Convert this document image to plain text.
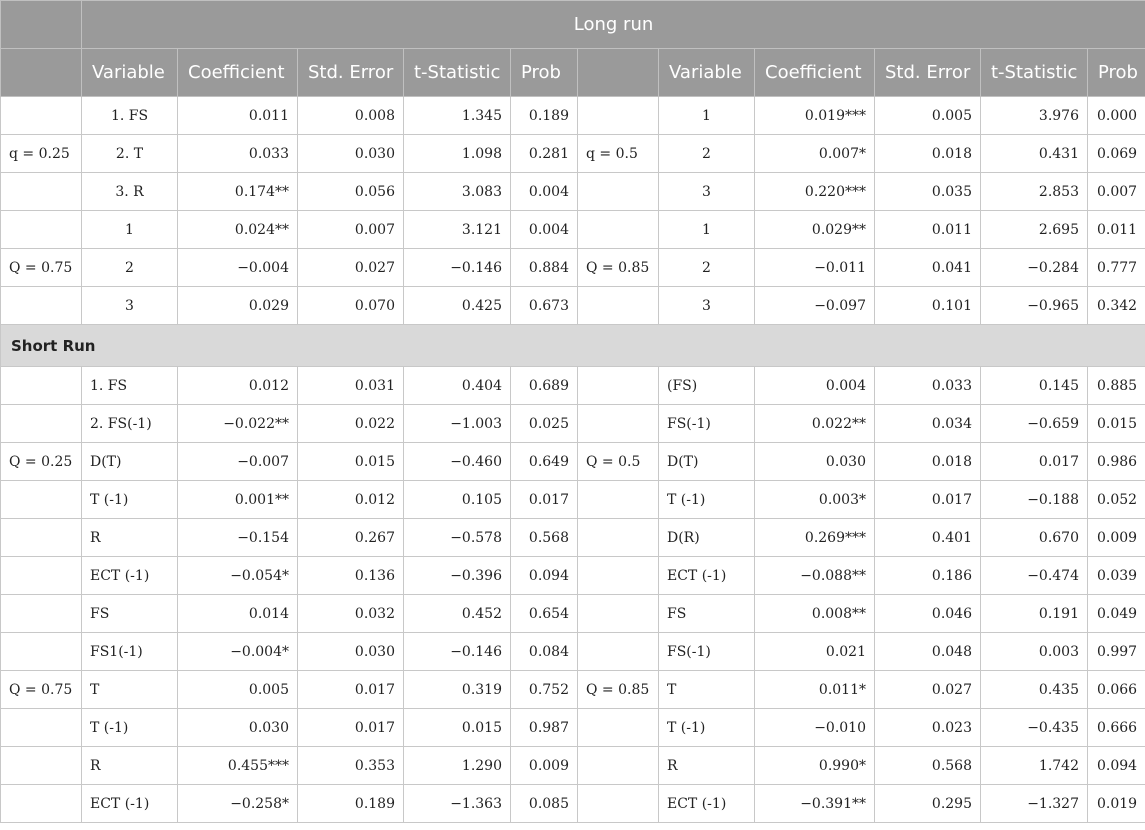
	Long run										
	Variable	Coefficient	Std. Error	t-Statistic	Prob		Variable	Coefficient	Std. Error	t-Statistic	Prob
	1. FS	0.011	0.008	1.345	0.189		1	0.019***	0.005	3.976	0.000
q = 0.25	2. T	0.033	0.030	1.098	0.281	q = 0.5	2	0.007*	0.018	0.431	0.069
	3. R	0.174**	0.056	3.083	0.004		3	0.220***	0.035	2.853	0.007
	1	0.024**	0.007	3.121	0.004		1	0.029**	0.011	2.695	0.011
Q = 0.75	2	−0.004	0.027	−0.146	0.884	Q = 0.85	2	−0.011	0.041	−0.284	0.777
	3	0.029	0.070	0.425	0.673		3	−0.097	0.101	−0.965	0.342
Short Run											
	1. FS	0.012	0.031	0.404	0.689		(FS)	0.004	0.033	0.145	0.885
	2. FS(-1)	−0.022**	0.022	−1.003	0.025		FS(-1)	0.022**	0.034	−0.659	0.015
Q = 0.25	D(T)	−0.007	0.015	−0.460	0.649	Q = 0.5	D(T)	0.030	0.018	0.017	0.986
	T (-1)	0.001**	0.012	0.105	0.017		T (-1)	0.003*	0.017	−0.188	0.052
	R	−0.154	0.267	−0.578	0.568		D(R)	0.269***	0.401	0.670	0.009
	ECT (-1)	−0.054*	0.136	−0.396	0.094		ECT (-1)	−0.088**	0.186	−0.474	0.039
	FS	0.014	0.032	0.452	0.654		FS	0.008**	0.046	0.191	0.049
	FS1(-1)	−0.004*	0.030	−0.146	0.084		FS(-1)	0.021	0.048	0.003	0.997
Q = 0.75	T	0.005	0.017	0.319	0.752	Q = 0.85	T	0.011*	0.027	0.435	0.066
	T (-1)	0.030	0.017	0.015	0.987		T (-1)	−0.010	0.023	−0.435	0.666
	R	0.455***	0.353	1.290	0.009		R	0.990*	0.568	1.742	0.094
	ECT (-1)	−0.258*	0.189	−1.363	0.085		ECT (-1)	−0.391**	0.295	−1.327	0.019
